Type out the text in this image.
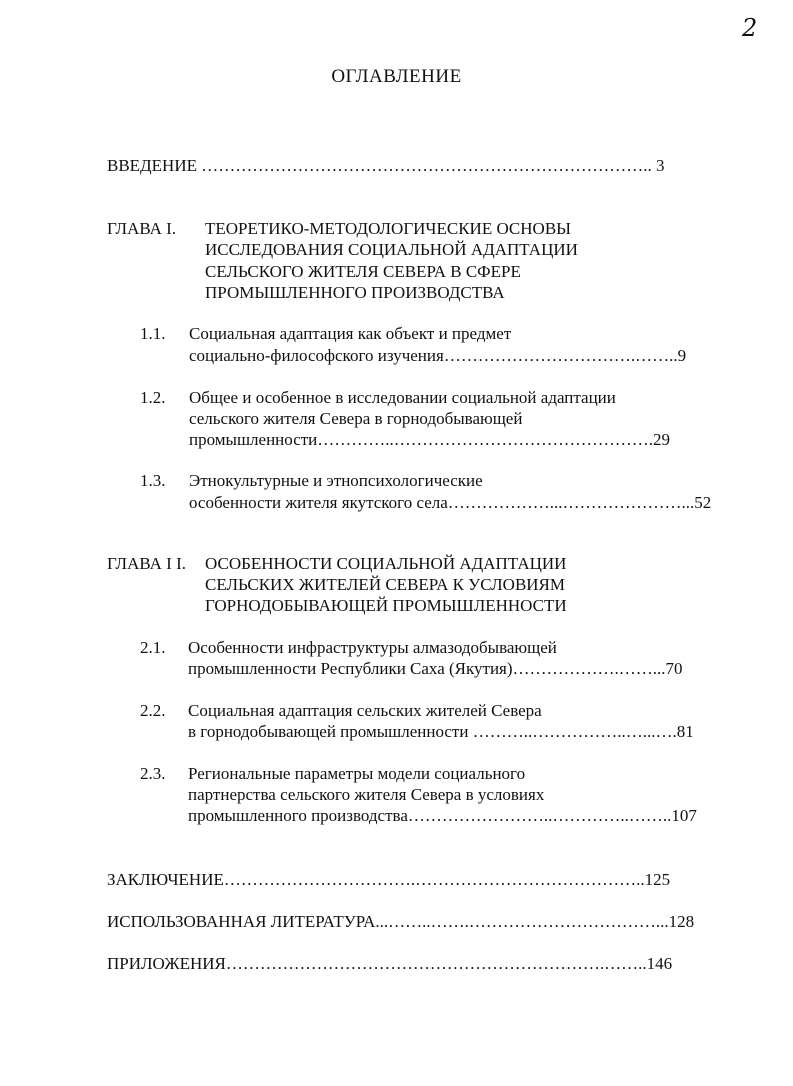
2
ОГЛАВЛЕНИЕ
ВВЕДЕНИЕ …………………………………………………………………….. 3
ГЛАВА I. ТЕОРЕТИКО-МЕТОДОЛОГИЧЕСКИЕ ОСНОВЫ
ИССЛЕДОВАНИЯ СОЦИАЛЬНОЙ АДАПТАЦИИ
СЕЛЬСКОГО ЖИТЕЛЯ СЕВЕРА В СФЕРЕ
ПРОМЫШЛЕННОГО ПРОИЗВОДСТВА
1.1. Социальная адаптация как объект и предмет
социально-философского изучения…………………………….……..9
1.2. Общее и особенное в исследовании социальной адаптации
сельского жителя Севера в горнодобывающей
промышленности…………..……………………………………….29
1.3. Этнокультурные и этнопсихологические
особенности жителя якутского села………………...…………………...52
ГЛАВА I I. ОСОБЕННОСТИ СОЦИАЛЬНОЙ АДАПТАЦИИ
СЕЛЬСКИХ ЖИТЕЛЕЙ СЕВЕРА К УСЛОВИЯМ
ГОРНОДОБЫВАЮЩЕЙ ПРОМЫШЛЕННОСТИ
2.1. Особенности инфраструктуры алмазодобывающей
промышленности Республики Саха (Якутия)……………….……...70
2.2. Социальная адаптация сельских жителей Севера
в горнодобывающей промышленности ………..……………..…...….81
2.3. Региональные параметры модели социального
партнерства сельского жителя Севера в условиях
промышленного производства……………………..…………..……..107
ЗАКЛЮЧЕНИЕ…………………………….…………………………………..125
ИСПОЛЬЗОВАННАЯ ЛИТЕРАТУРА...……..…….……………………………...128
ПРИЛОЖЕНИЯ………………………………………………………….……..146
